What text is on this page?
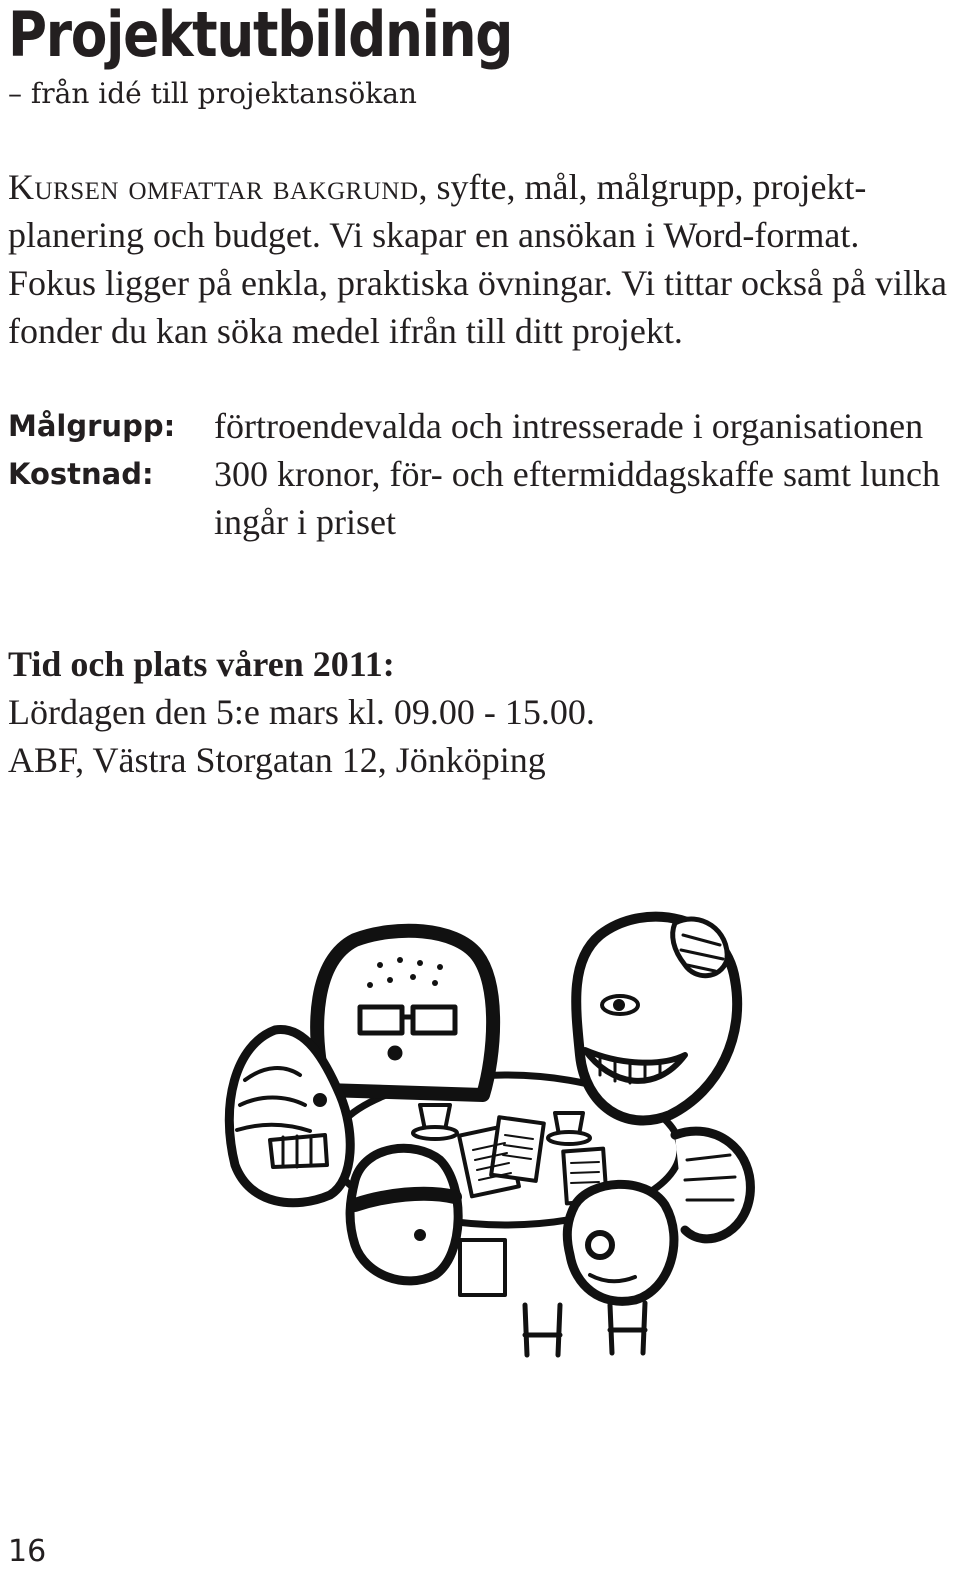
Projektutbildning

– från idé till projektansökan

Kursen omfattar bakgrund, syfte, mål, målgrupp, projekt-planering och budget. Vi skapar en ansökan i Word-format. Fokus ligger på enkla, praktiska övningar. Vi tittar också på vilka fonder du kan söka medel ifrån till ditt projekt.

Målgrupp:	förtroendevalda och intresserade i organisationen
Kostnad:	300 kronor, för- och eftermiddagskaffe samt lunch ingår i priset
Tid och plats våren 2011:
Lördagen den 5:e mars kl. 09.00 - 15.00.
ABF, Västra Storgatan 12, Jönköping
16
